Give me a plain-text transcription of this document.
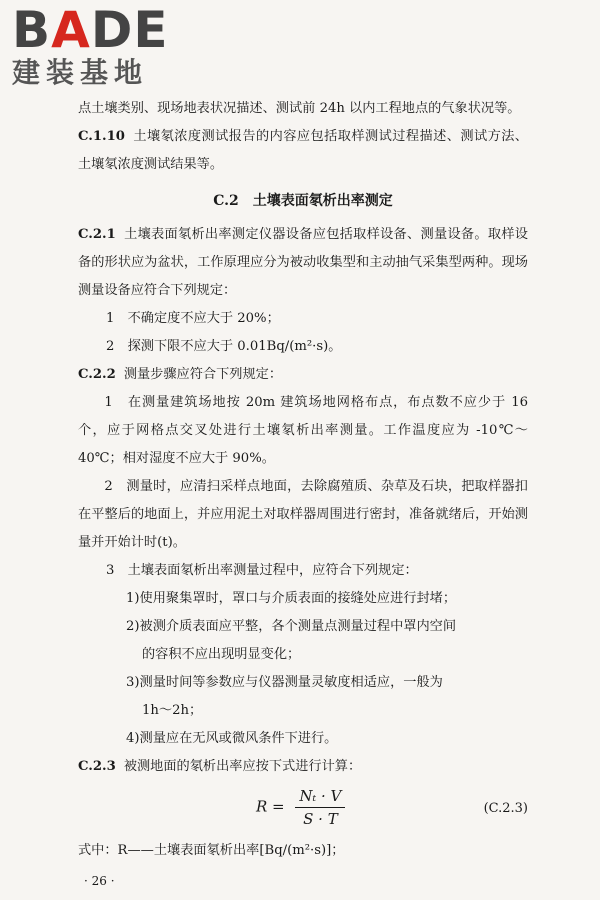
BADE
建装基地

点土壤类别、现场地表状况描述、测试前 24h 以内工程地点的气象状况等。

C.1.10 土壤氡浓度测试报告的内容应包括取样测试过程描述、测试方法、土壤氡浓度测试结果等。

C.2　土壤表面氡析出率测定

C.2.1 土壤表面氡析出率测定仪器设备应包括取样设备、测量设备。取样设备的形状应为盆状，工作原理应分为被动收集型和主动抽气采集型两种。现场测量设备应符合下列规定：

1　不确定度不应大于 20%；

2　探测下限不应大于 0.01Bq/(m²·s)。

C.2.2 测量步骤应符合下列规定：

1　在测量建筑场地按 20m 建筑场地网格布点，布点数不应少于 16 个，应于网格点交叉处进行土壤氡析出率测量。工作温度应为 -10℃～40℃；相对湿度不应大于 90%。

2　测量时，应清扫采样点地面，去除腐殖质、杂草及石块，把取样器扣在平整后的地面上，并应用泥土对取样器周围进行密封，准备就绪后，开始测量并开始计时(t)。

3　土壤表面氡析出率测量过程中，应符合下列规定：

1)使用聚集罩时，罩口与介质表面的接缝处应进行封堵；

2)被测介质表面应平整，各个测量点测量过程中罩内空间

的容积不应出现明显变化；

3)测量时间等参数应与仪器测量灵敏度相适应，一般为

1h～2h；

4)测量应在无风或微风条件下进行。

C.2.3 被测地面的氡析出率应按下式进行计算：

$R = \frac{\text{Nₜ · V}}{S \cdot T}$	(C.2.3)

式中：R——土壤表面氡析出率[Bq/(m²·s)]；

· 26 ·
